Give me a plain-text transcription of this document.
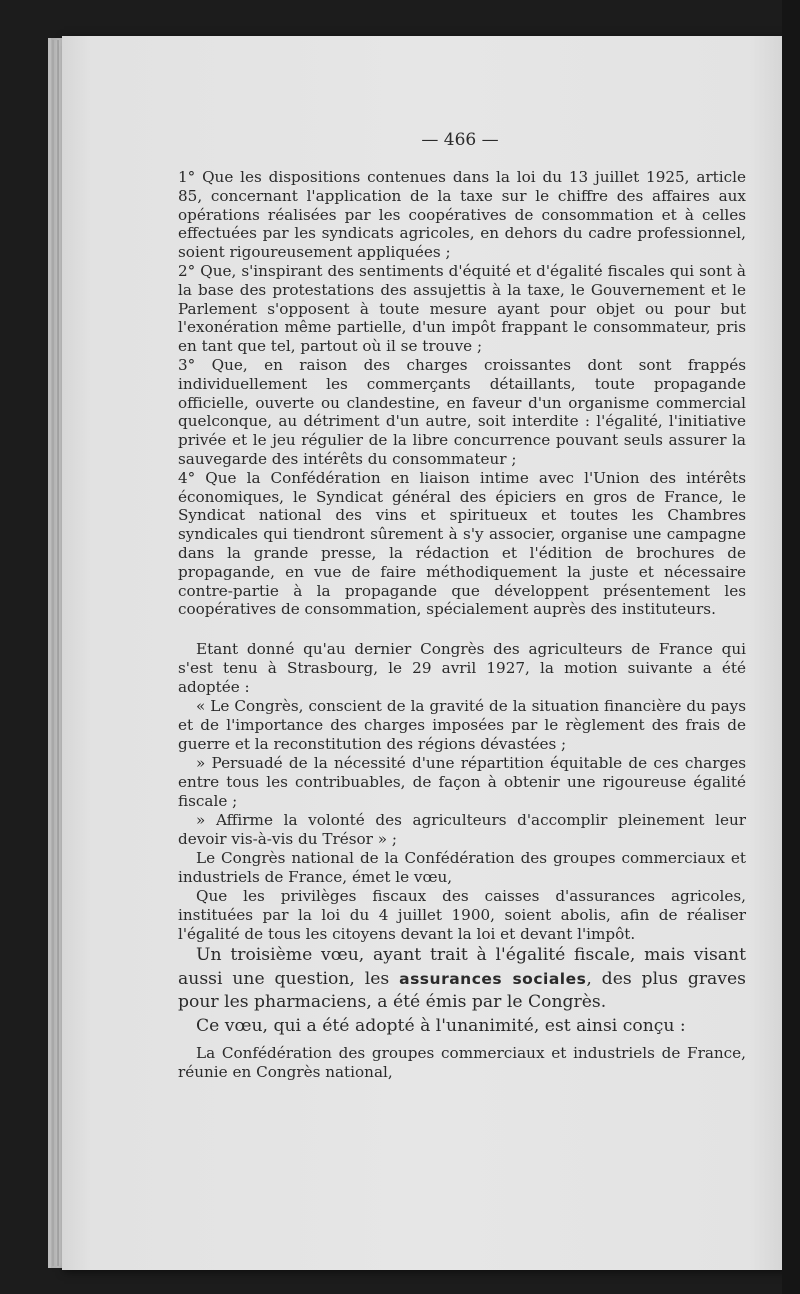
— 466 —

1° Que les dispositions contenues dans la loi du 13 juillet 1925, article 85, concernant l'application de la taxe sur le chiffre des affaires aux opérations réalisées par les coopératives de consommation et à celles effectuées par les syndicats agricoles, en dehors du cadre professionnel, soient rigoureusement appliquées ;

2° Que, s'inspirant des sentiments d'équité et d'égalité fiscales qui sont à la base des protestations des assujettis à la taxe, le Gouvernement et le Parlement s'opposent à toute mesure ayant pour objet ou pour but l'exonération même partielle, d'un impôt frappant le consommateur, pris en tant que tel, partout où il se trouve ;

3° Que, en raison des charges croissantes dont sont frappés individuellement les commerçants détaillants, toute propagande officielle, ouverte ou clandestine, en faveur d'un organisme commercial quelconque, au détriment d'un autre, soit interdite : l'égalité, l'initiative privée et le jeu régulier de la libre concurrence pouvant seuls assurer la sauvegarde des intérêts du consommateur ;

4° Que la Confédération en liaison intime avec l'Union des intérêts économiques, le Syndicat général des épiciers en gros de France, le Syndicat national des vins et spiritueux et toutes les Chambres syndicales qui tiendront sûrement à s'y associer, organise une campagne dans la grande presse, la rédaction et l'édition de brochures de propagande, en vue de faire méthodiquement la juste et nécessaire contre-partie à la propagande que développent présentement les coopératives de consommation, spécialement auprès des instituteurs.

Etant donné qu'au dernier Congrès des agriculteurs de France qui s'est tenu à Strasbourg, le 29 avril 1927, la motion suivante a été adoptée :

« Le Congrès, conscient de la gravité de la situation financière du pays et de l'importance des charges imposées par le règlement des frais de guerre et la reconstitution des régions dévastées ;

» Persuadé de la nécessité d'une répartition équitable de ces charges entre tous les contribuables, de façon à obtenir une rigoureuse égalité fiscale ;

» Affirme la volonté des agriculteurs d'accomplir pleinement leur devoir vis-à-vis du Trésor » ;

Le Congrès national de la Confédération des groupes commerciaux et industriels de France, émet le vœu,

Que les privilèges fiscaux des caisses d'assurances agricoles, instituées par la loi du 4 juillet 1900, soient abolis, afin de réaliser l'égalité de tous les citoyens devant la loi et devant l'impôt.

Un troisième vœu, ayant trait à l'égalité fiscale, mais visant aussi une question, les assurances sociales, des plus graves pour les pharmaciens, a été émis par le Congrès.

Ce vœu, qui a été adopté à l'unanimité, est ainsi conçu :

La Confédération des groupes commerciaux et industriels de France, réunie en Congrès national,
